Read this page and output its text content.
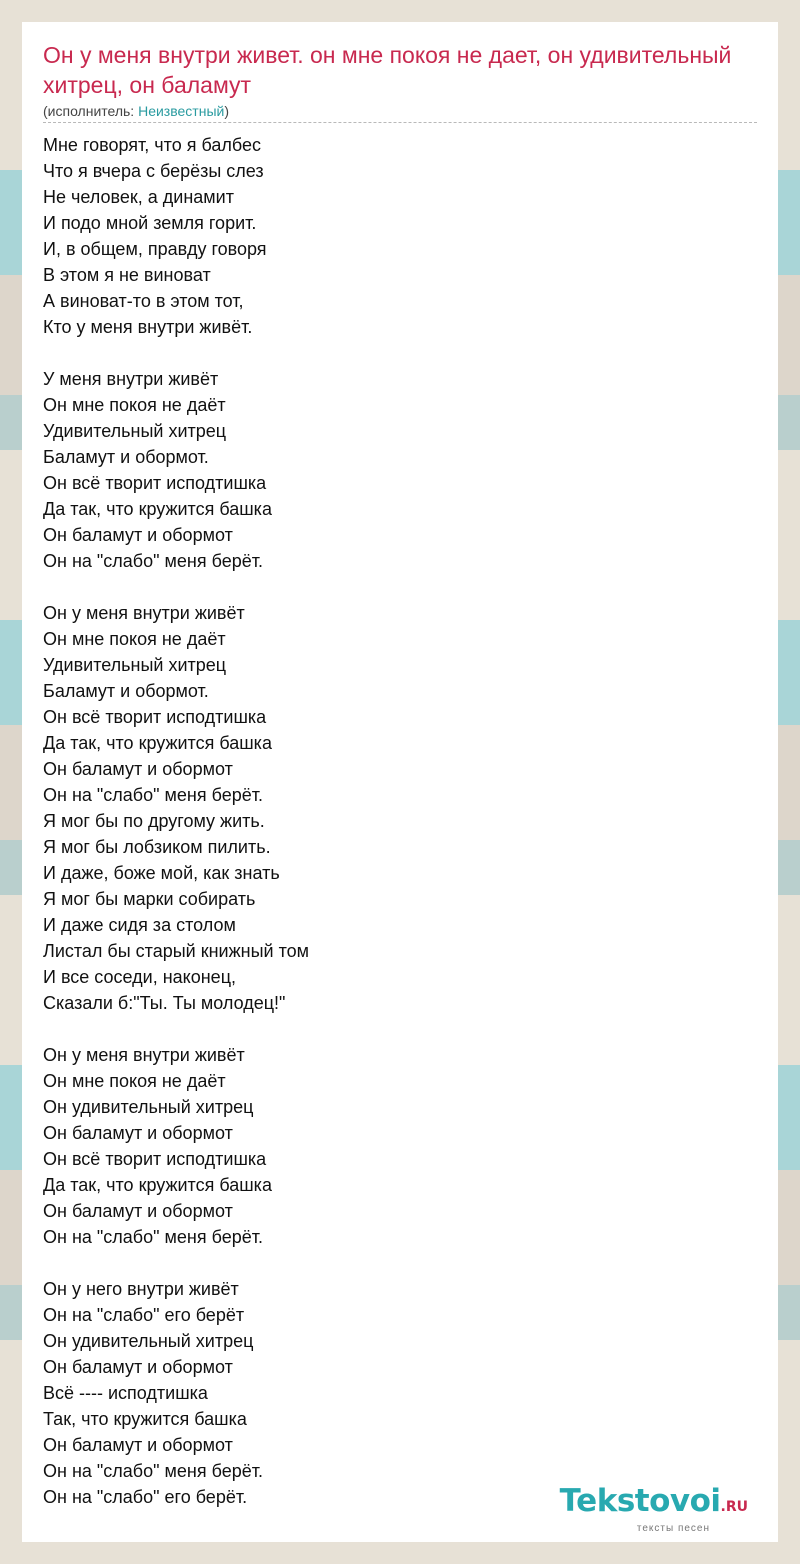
Он у меня внутри живет. он мне покоя не дает, он удивительный хитрец, он баламут
(исполнитель: Неизвестный)
Мне говорят, что я балбес
Что я вчера с берёзы слез
Не человек, а динамит
И подо мной земля горит.
И, в общем, правду говоря
В этом я не виноват
А виноват-то в этом тот,
Кто у меня внутри живёт.
У меня внутри живёт
Он мне покоя не даёт
Удивительный хитрец
Баламут и обормот.
Он всё творит исподтишка
Да так, что кружится башка
Он баламут и обормот
Он на "слабо" меня берёт.
Он у меня внутри живёт
Он мне покоя не даёт
Удивительный хитрец
Баламут и обормот.
Он всё творит исподтишка
Да так, что кружится башка
Он баламут и обормот
Он на "слабо" меня берёт.
Я мог бы по другому жить.
Я мог бы лобзиком пилить.
И даже, боже мой, как знать
Я мог бы марки собирать
И даже сидя за столом
Листал бы старый книжный том
И все соседи, наконец,
Сказали б:"Ты. Ты молодец!"
Он у меня внутри живёт
Он мне покоя не даёт
Он удивительный хитрец
Он баламут и обормот
Он всё творит исподтишка
Да так, что кружится башка
Он баламут и обормот
Он на "слабо" меня берёт.
Он у него внутри живёт
Он на "слабо" его берёт
Он удивительный хитрец
Он баламут и обормот
Всё ---- исподтишка
Так, что кружится башка
Он баламут и обормот
Он на "слабо" меня берёт.
Он на "слабо" его берёт.	Tekstovoi.RU
тексты песен
